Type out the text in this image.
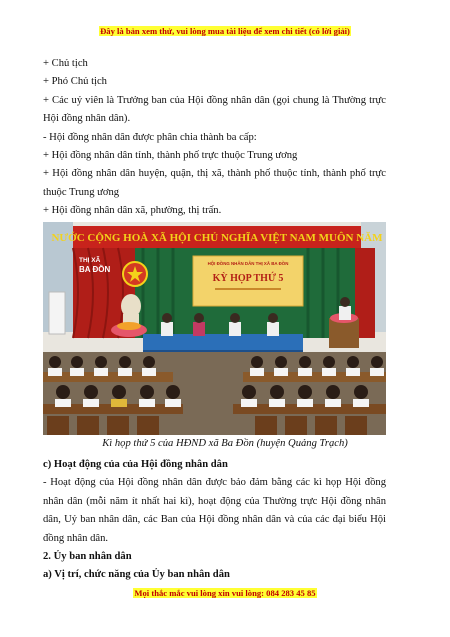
Đây là bản xem thử, vui lòng mua tài liệu để xem chi tiết (có lời giải)

+ Chủ tịch

+ Phó Chủ tịch

+ Các uỷ viên là Trưởng ban của Hội đồng nhân dân (gọi chung là Thường trực Hội đồng nhân dân).

- Hội đồng nhân dân được phân chia thành ba cấp:

+ Hội đồng nhân dân tỉnh, thành phố trực thuộc Trung ương

+ Hội đồng nhân dân huyện, quận, thị xã, thành phố thuộc tỉnh, thành phố trực thuộc Trung ương

+ Hội đồng nhân dân xã, phường, thị trấn.

NƯỚC CỘNG HOÀ XÃ HỘI CHỦ NGHĨA VIỆT NAM MUÔN NĂM
THỊ XÃ
BA ĐỒN
HỘI ĐỒNG NHÂN DÂN THỊ XÃ BA ĐỒN
KỲ HỌP THỨ 5
Kì họp thứ 5 của HĐND xã Ba Đồn (huyện Quảng Trạch)

c) Hoạt động của của Hội đồng nhân dân

- Hoạt động của Hội đồng nhân dân được bảo đảm bằng các kì họp Hội đồng nhân dân (mỗi năm ít nhất hai kì), hoạt động của Thường trực Hội đồng nhân dân, Uỷ ban nhân dân, các Ban của Hội đồng nhân dân và của các đại biểu Hội đồng nhân dân.

2. Ủy ban nhân dân

a) Vị trí, chức năng của Ủy ban nhân dân

Mọi thắc mắc vui lòng xin vui lòng: 084 283 45 85
